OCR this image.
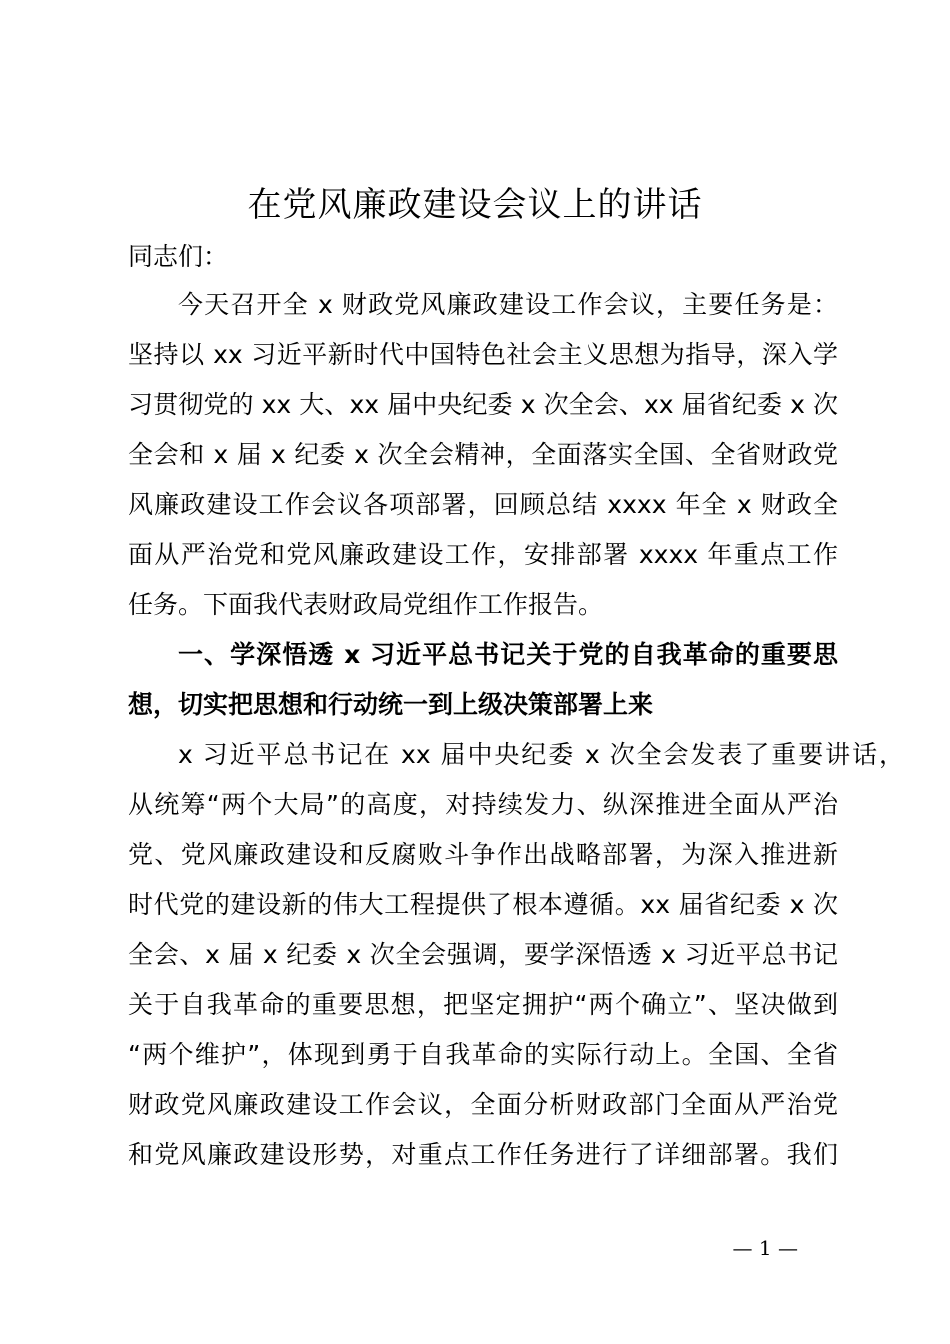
在党风廉政建设会议上的讲话

同志们：

今天召开全 x 财政党风廉政建设工作会议，主要任务是：

坚持以 xx 习近平新时代中国特色社会主义思想为指导，深入学

习贯彻党的 xx 大、xx 届中央纪委 x 次全会、xx 届省纪委 x 次

全会和 x 届 x 纪委 x 次全会精神，全面落实全国、全省财政党

风廉政建设工作会议各项部署，回顾总结 xxxx 年全 x 财政全

面从严治党和党风廉政建设工作，安排部署 xxxx 年重点工作

任务。下面我代表财政局党组作工作报告。

一、学深悟透 x 习近平总书记关于党的自我革命的重要思

想，切实把思想和行动统一到上级决策部署上来

x 习近平总书记在 xx 届中央纪委 x 次全会发表了重要讲话，

从统筹“两个大局”的高度，对持续发力、纵深推进全面从严治

党、党风廉政建设和反腐败斗争作出战略部署，为深入推进新

时代党的建设新的伟大工程提供了根本遵循。xx 届省纪委 x 次

全会、x 届 x 纪委 x 次全会强调，要学深悟透 x 习近平总书记

关于自我革命的重要思想，把坚定拥护“两个确立”、坚决做到

“两个维护”，体现到勇于自我革命的实际行动上。全国、全省

财政党风廉政建设工作会议，全面分析财政部门全面从严治党

和党风廉政建设形势，对重点工作任务进行了详细部署。我们

— 1 —
